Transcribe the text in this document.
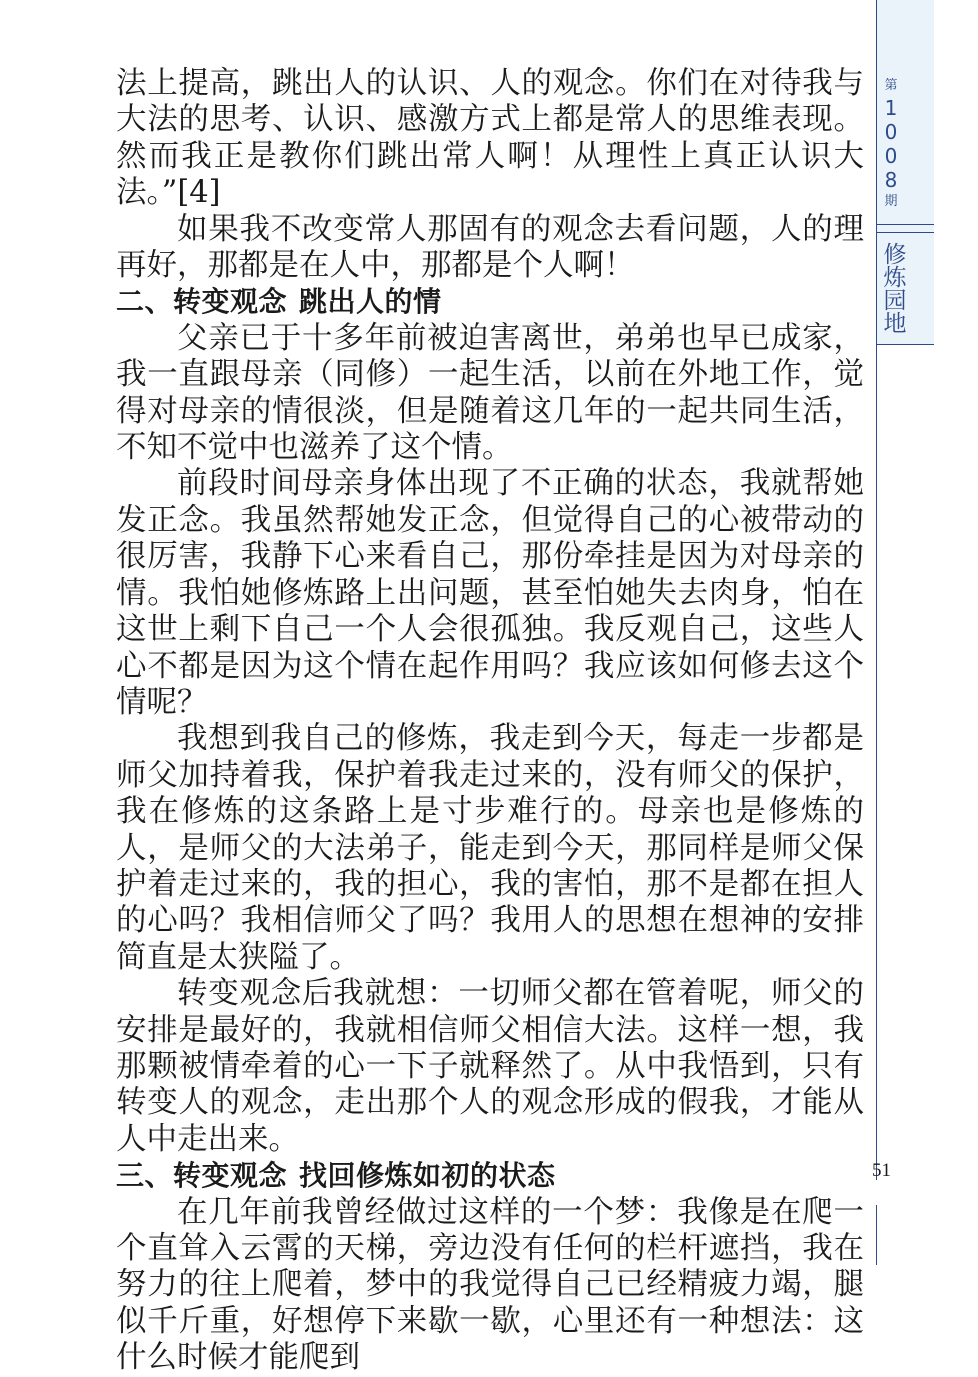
第
1
0
0
8
期
修
炼
园
地

法上提高，跳出人的认识、人的观念。你们在对待我与大法的思考、认识、感激方式上都是常人的思维表现。然而我正是教你们跳出常人啊！从理性上真正认识大法。”[4]

如果我不改变常人那固有的观念去看问题，人的理再好，那都是在人中，那都是个人啊！

二、转变观念 跳出人的情

父亲已于十多年前被迫害离世，弟弟也早已成家，我一直跟母亲（同修）一起生活，以前在外地工作，觉得对母亲的情很淡，但是随着这几年的一起共同生活，不知不觉中也滋养了这个情。

前段时间母亲身体出现了不正确的状态，我就帮她发正念。我虽然帮她发正念，但觉得自己的心被带动的很厉害，我静下心来看自己，那份牵挂是因为对母亲的情。我怕她修炼路上出问题，甚至怕她失去肉身，怕在这世上剩下自己一个人会很孤独。我反观自己，这些人心不都是因为这个情在起作用吗？我应该如何修去这个情呢？

我想到我自己的修炼，我走到今天，每走一步都是师父加持着我，保护着我走过来的，没有师父的保护，我在修炼的这条路上是寸步难行的。母亲也是修炼的人，是师父的大法弟子，能走到今天，那同样是师父保护着走过来的，我的担心，我的害怕，那不是都在担人的心吗？我相信师父了吗？我用人的思想在想神的安排简直是太狭隘了。

转变观念后我就想：一切师父都在管着呢，师父的安排是最好的，我就相信师父相信大法。这样一想，我那颗被情牵着的心一下子就释然了。从中我悟到，只有转变人的观念，走出那个人的观念形成的假我，才能从人中走出来。

三、转变观念 找回修炼如初的状态

在几年前我曾经做过这样的一个梦：我像是在爬一个直耸入云霄的天梯，旁边没有任何的栏杆遮挡，我在努力的往上爬着，梦中的我觉得自己已经精疲力竭，腿似千斤重，好想停下来歇一歇，心里还有一种想法：这什么时候才能爬到

51
